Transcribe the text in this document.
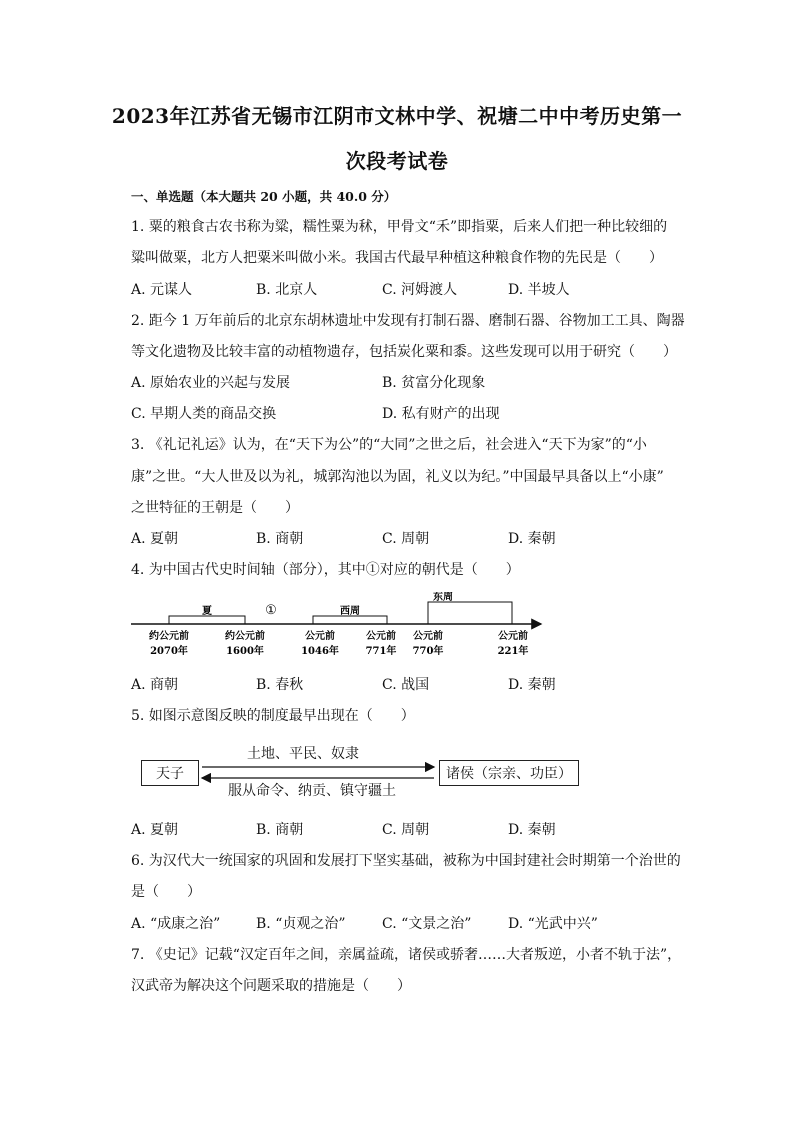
2023年江苏省无锡市江阴市文林中学、祝塘二中中考历史第一
次段考试卷
一、单选题（本大题共 20 小题，共 40.0 分）
1. 粟的粮食古农书称为粱，糯性粟为秫，甲骨文“禾”即指粟，后来人们把一种比较细的
粱叫做粟，北方人把粟米叫做小米。我国古代最早种植这种粮食作物的先民是（　　）
A. 元谋人	B. 北京人	C. 河姆渡人	D. 半坡人
2. 距今 1 万年前后的北京东胡林遗址中发现有打制石器、磨制石器、谷物加工工具、陶器
等文化遗物及比较丰富的动植物遗存，包括炭化粟和黍。这些发现可以用于研究（　　）
A. 原始农业的兴起与发展	B. 贫富分化现象
C. 早期人类的商品交换	D. 私有财产的出现
3. 《礼记礼运》认为，在“天下为公”的“大同”之世之后，社会进入“天下为家”的“小
康”之世。“大人世及以为礼，城郭沟池以为固，礼义以为纪。”中国最早具备以上“小康”
之世特征的王朝是（　　）
A. 夏朝	B. 商朝	C. 周朝	D. 秦朝
4. 为中国古代史时间轴（部分），其中①对应的朝代是（　　）
夏	①	西周
东周
约公元前
2070年
约公元前
1600年
公元前
1046年
公元前
771年
公元前
770年
公元前
221年
A. 商朝	B. 春秋	C. 战国	D. 秦朝
5. 如图示意图反映的制度最早出现在（　　）
天子	诸侯（宗亲、功臣）
土地、平民、奴隶
服从命令、纳贡、镇守疆土
A. 夏朝	B. 商朝	C. 周朝	D. 秦朝
6. 为汉代大一统国家的巩固和发展打下坚实基础，被称为中国封建社会时期第一个治世的
是（　　）
A. “成康之治”	B. “贞观之治”	C. “文景之治”	D. “光武中兴”
7. 《史记》记载“汉定百年之间，亲属益疏，诸侯或骄奢……大者叛逆，小者不轨于法”，
汉武帝为解决这个问题采取的措施是（　　）
